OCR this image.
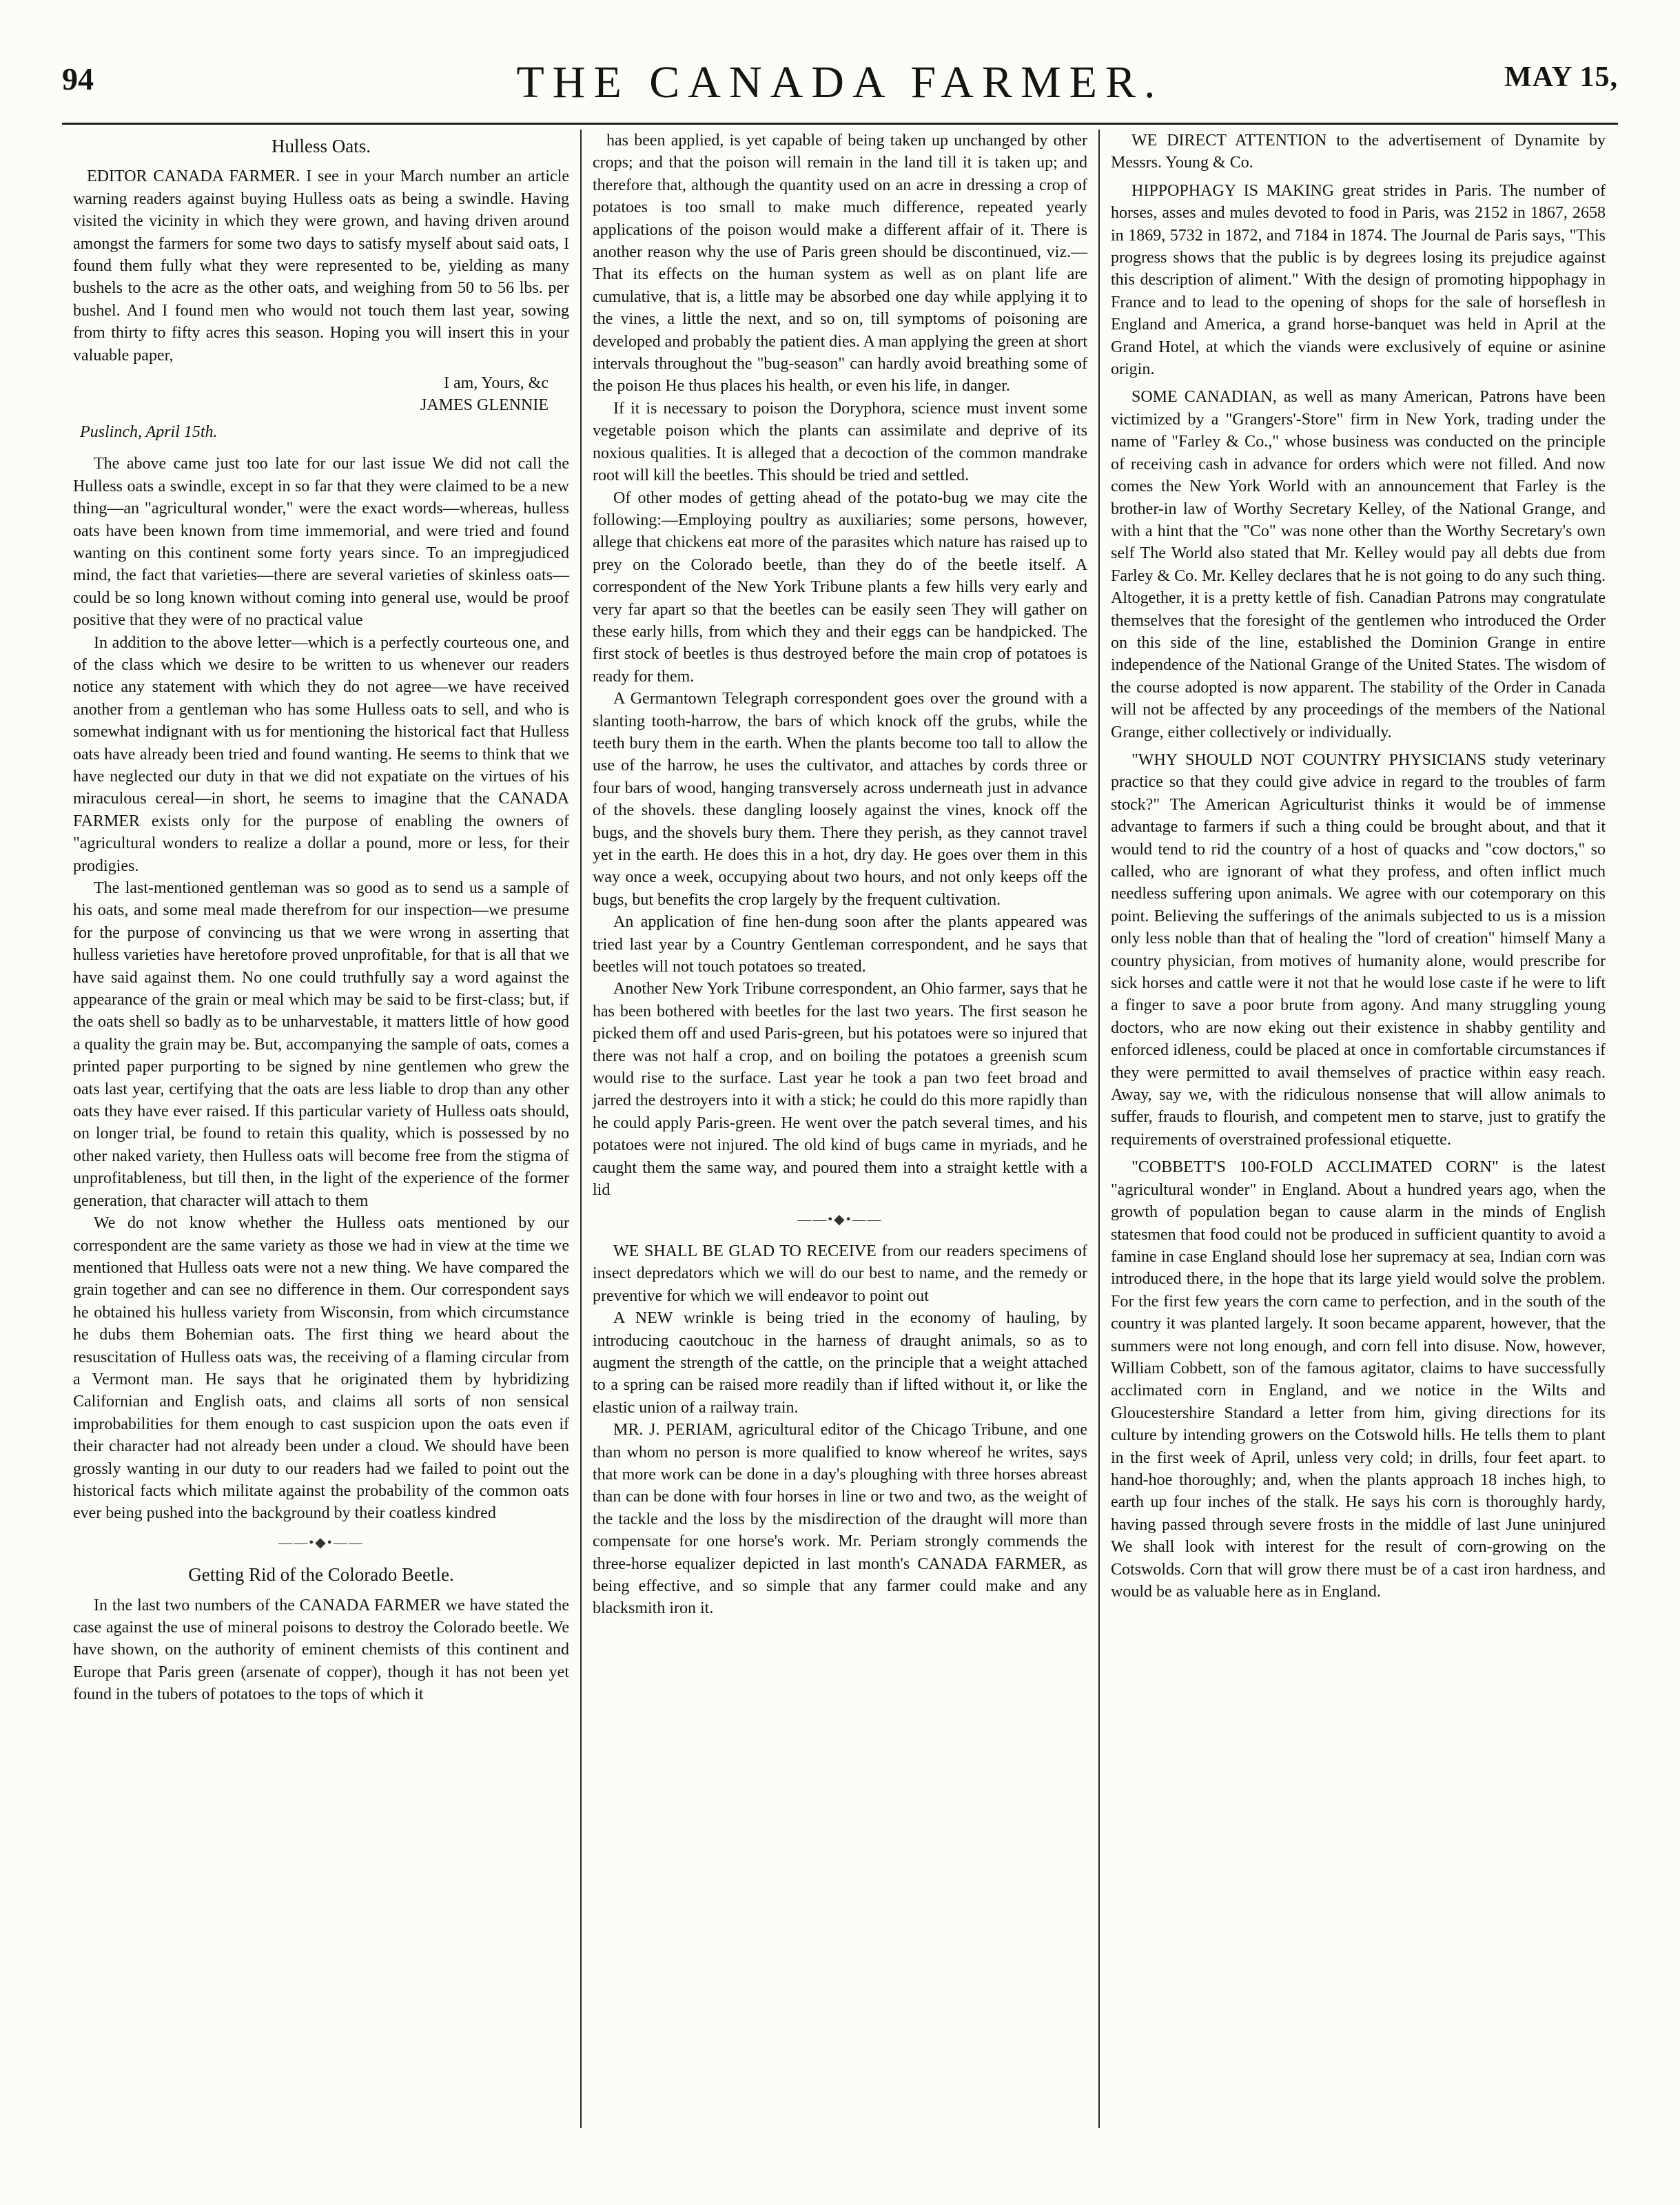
94	THE CANADA FARMER.	MAY 15,
Hulless Oats.

EDITOR CANADA FARMER. I see in your March number an article warning readers against buying Hulless oats as being a swindle. Having visited the vicinity in which they were grown, and having driven around amongst the farmers for some two days to satisfy myself about said oats, I found them fully what they were represented to be, yielding as many bushels to the acre as the other oats, and weighing from 50 to 56 lbs. per bushel. And I found men who would not touch them last year, sowing from thirty to fifty acres this season. Hoping you will insert this in your valuable paper,

I am, Yours, &c

JAMES GLENNIE

Puslinch, April 15th.

The above came just too late for our last issue We did not call the Hulless oats a swindle, except in so far that they were claimed to be a new thing—an "agricultural wonder," were the exact words—whereas, hulless oats have been known from time immemorial, and were tried and found wanting on this continent some forty years since. To an impregjudiced mind, the fact that varieties—there are several varieties of skinless oats—could be so long known without coming into general use, would be proof positive that they were of no practical value

In addition to the above letter—which is a perfectly courteous one, and of the class which we desire to be written to us whenever our readers notice any statement with which they do not agree—we have received another from a gentleman who has some Hulless oats to sell, and who is somewhat indignant with us for mentioning the historical fact that Hulless oats have already been tried and found wanting. He seems to think that we have neglected our duty in that we did not expatiate on the virtues of his miraculous cereal—in short, he seems to imagine that the CANADA FARMER exists only for the purpose of enabling the owners of "agricultural wonders to realize a dollar a pound, more or less, for their prodigies.

The last-mentioned gentleman was so good as to send us a sample of his oats, and some meal made therefrom for our inspection—we presume for the purpose of convincing us that we were wrong in asserting that hulless varieties have heretofore proved unprofitable, for that is all that we have said against them. No one could truthfully say a word against the appearance of the grain or meal which may be said to be first-class; but, if the oats shell so badly as to be unharvestable, it matters little of how good a quality the grain may be. But, accompanying the sample of oats, comes a printed paper purporting to be signed by nine gentlemen who grew the oats last year, certifying that the oats are less liable to drop than any other oats they have ever raised. If this particular variety of Hulless oats should, on longer trial, be found to retain this quality, which is possessed by no other naked variety, then Hulless oats will become free from the stigma of unprofitableness, but till then, in the light of the experience of the former generation, that character will attach to them

We do not know whether the Hulless oats mentioned by our correspondent are the same variety as those we had in view at the time we mentioned that Hulless oats were not a new thing. We have compared the grain together and can see no difference in them. Our correspondent says he obtained his hulless variety from Wisconsin, from which circumstance he dubs them Bohemian oats. The first thing we heard about the resuscitation of Hulless oats was, the receiving of a flaming circular from a Vermont man. He says that he originated them by hybridizing Californian and English oats, and claims all sorts of non sensical improbabilities for them enough to cast suspicion upon the oats even if their character had not already been under a cloud. We should have been grossly wanting in our duty to our readers had we failed to point out the historical facts which militate against the probability of the common oats ever being pushed into the background by their coatless kindred

——•◆•——
Getting Rid of the Colorado Beetle.

In the last two numbers of the CANADA FARMER we have stated the case against the use of mineral poisons to destroy the Colorado beetle. We have shown, on the authority of eminent chemists of this continent and Europe that Paris green (arsenate of copper), though it has not been yet found in the tubers of potatoes to the tops of which it

has been applied, is yet capable of being taken up unchanged by other crops; and that the poison will remain in the land till it is taken up; and therefore that, although the quantity used on an acre in dressing a crop of potatoes is too small to make much difference, repeated yearly applications of the poison would make a different affair of it. There is another reason why the use of Paris green should be discontinued, viz.—That its effects on the human system as well as on plant life are cumulative, that is, a little may be absorbed one day while applying it to the vines, a little the next, and so on, till symptoms of poisoning are developed and probably the patient dies. A man applying the green at short intervals throughout the "bug-season" can hardly avoid breathing some of the poison He thus places his health, or even his life, in danger.

If it is necessary to poison the Doryphora, science must invent some vegetable poison which the plants can assimilate and deprive of its noxious qualities. It is alleged that a decoction of the common mandrake root will kill the beetles. This should be tried and settled.

Of other modes of getting ahead of the potato-bug we may cite the following:—Employing poultry as auxiliaries; some persons, however, allege that chickens eat more of the parasites which nature has raised up to prey on the Colorado beetle, than they do of the beetle itself. A correspondent of the New York Tribune plants a few hills very early and very far apart so that the beetles can be easily seen They will gather on these early hills, from which they and their eggs can be handpicked. The first stock of beetles is thus destroyed before the main crop of potatoes is ready for them.

A Germantown Telegraph correspondent goes over the ground with a slanting tooth-harrow, the bars of which knock off the grubs, while the teeth bury them in the earth. When the plants become too tall to allow the use of the harrow, he uses the cultivator, and attaches by cords three or four bars of wood, hanging transversely across underneath just in advance of the shovels. these dangling loosely against the vines, knock off the bugs, and the shovels bury them. There they perish, as they cannot travel yet in the earth. He does this in a hot, dry day. He goes over them in this way once a week, occupying about two hours, and not only keeps off the bugs, but benefits the crop largely by the frequent cultivation.

An application of fine hen-dung soon after the plants appeared was tried last year by a Country Gentleman correspondent, and he says that beetles will not touch potatoes so treated.

Another New York Tribune correspondent, an Ohio farmer, says that he has been bothered with beetles for the last two years. The first season he picked them off and used Paris-green, but his potatoes were so injured that there was not half a crop, and on boiling the potatoes a greenish scum would rise to the surface. Last year he took a pan two feet broad and jarred the destroyers into it with a stick; he could do this more rapidly than he could apply Paris-green. He went over the patch several times, and his potatoes were not injured. The old kind of bugs came in myriads, and he caught them the same way, and poured them into a straight kettle with a lid

——•◆•——

WE SHALL BE GLAD TO RECEIVE from our readers specimens of insect depredators which we will do our best to name, and the remedy or preventive for which we will endeavor to point out

A NEW wrinkle is being tried in the economy of hauling, by introducing caoutchouc in the harness of draught animals, so as to augment the strength of the cattle, on the principle that a weight attached to a spring can be raised more readily than if lifted without it, or like the elastic union of a railway train.

MR. J. PERIAM, agricultural editor of the Chicago Tribune, and one than whom no person is more qualified to know whereof he writes, says that more work can be done in a day's ploughing with three horses abreast than can be done with four horses in line or two and two, as the weight of the tackle and the loss by the misdirection of the draught will more than compensate for one horse's work. Mr. Periam strongly commends the three-horse equalizer depicted in last month's CANADA FARMER, as being effective, and so simple that any farmer could make and any blacksmith iron it.

WE DIRECT ATTENTION to the advertisement of Dynamite by Messrs. Young & Co.

HIPPOPHAGY IS MAKING great strides in Paris. The number of horses, asses and mules devoted to food in Paris, was 2152 in 1867, 2658 in 1869, 5732 in 1872, and 7184 in 1874. The Journal de Paris says, "This progress shows that the public is by degrees losing its prejudice against this description of aliment." With the design of promoting hippophagy in France and to lead to the opening of shops for the sale of horseflesh in England and America, a grand horse-banquet was held in April at the Grand Hotel, at which the viands were exclusively of equine or asinine origin.

SOME CANADIAN, as well as many American, Patrons have been victimized by a "Grangers'-Store" firm in New York, trading under the name of "Farley & Co.," whose business was conducted on the principle of receiving cash in advance for orders which were not filled. And now comes the New York World with an announcement that Farley is the brother-in law of Worthy Secretary Kelley, of the National Grange, and with a hint that the "Co" was none other than the Worthy Secretary's own self The World also stated that Mr. Kelley would pay all debts due from Farley & Co. Mr. Kelley declares that he is not going to do any such thing. Altogether, it is a pretty kettle of fish. Canadian Patrons may congratulate themselves that the foresight of the gentlemen who introduced the Order on this side of the line, established the Dominion Grange in entire independence of the National Grange of the United States. The wisdom of the course adopted is now apparent. The stability of the Order in Canada will not be affected by any proceedings of the members of the National Grange, either collectively or individually.

"WHY SHOULD NOT COUNTRY PHYSICIANS study veterinary practice so that they could give advice in regard to the troubles of farm stock?" The American Agriculturist thinks it would be of immense advantage to farmers if such a thing could be brought about, and that it would tend to rid the country of a host of quacks and "cow doctors," so called, who are ignorant of what they profess, and often inflict much needless suffering upon animals. We agree with our cotemporary on this point. Believing the sufferings of the animals subjected to us is a mission only less noble than that of healing the "lord of creation" himself Many a country physician, from motives of humanity alone, would prescribe for sick horses and cattle were it not that he would lose caste if he were to lift a finger to save a poor brute from agony. And many struggling young doctors, who are now eking out their existence in shabby gentility and enforced idleness, could be placed at once in comfortable circumstances if they were permitted to avail themselves of practice within easy reach. Away, say we, with the ridiculous nonsense that will allow animals to suffer, frauds to flourish, and competent men to starve, just to gratify the requirements of overstrained professional etiquette.

"COBBETT'S 100-FOLD ACCLIMATED CORN" is the latest "agricultural wonder" in England. About a hundred years ago, when the growth of population began to cause alarm in the minds of English statesmen that food could not be produced in sufficient quantity to avoid a famine in case England should lose her supremacy at sea, Indian corn was introduced there, in the hope that its large yield would solve the problem. For the first few years the corn came to perfection, and in the south of the country it was planted largely. It soon became apparent, however, that the summers were not long enough, and corn fell into disuse. Now, however, William Cobbett, son of the famous agitator, claims to have successfully acclimated corn in England, and we notice in the Wilts and Gloucestershire Standard a letter from him, giving directions for its culture by intending growers on the Cotswold hills. He tells them to plant in the first week of April, unless very cold; in drills, four feet apart. to hand-hoe thoroughly; and, when the plants approach 18 inches high, to earth up four inches of the stalk. He says his corn is thoroughly hardy, having passed through severe frosts in the middle of last June uninjured We shall look with interest for the result of corn-growing on the Cotswolds. Corn that will grow there must be of a cast iron hardness, and would be as valuable here as in England.
